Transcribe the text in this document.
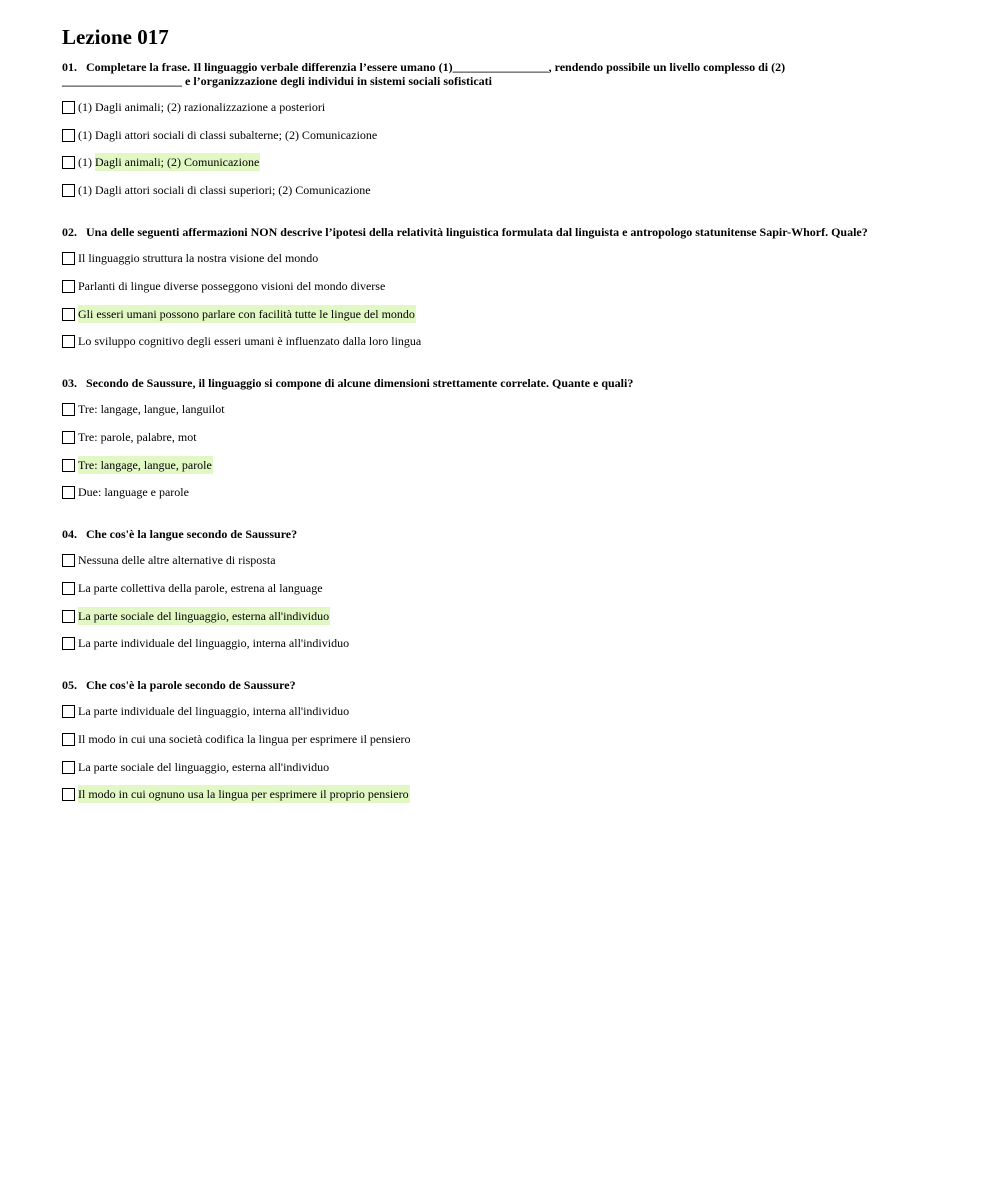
Lezione 017

01. Completare la frase. Il linguaggio verbale differenzia l’essere umano (1)________________, rendendo possibile un livello complesso di (2)
____________________ e l’organizzazione degli individui in sistemi sociali sofisticati

(1) Dagli animali; (2) razionalizzazione a posteriori
(1) Dagli attori sociali di classi subalterne; (2) Comunicazione
(1) Dagli animali; (2) Comunicazione
(1) Dagli attori sociali di classi superiori; (2) Comunicazione

02. Una delle seguenti affermazioni NON descrive l’ipotesi della relatività linguistica formulata dal linguista e antropologo statunitense Sapir-Whorf. Quale?

Il linguaggio struttura la nostra visione del mondo
Parlanti di lingue diverse posseggono visioni del mondo diverse
Gli esseri umani possono parlare con facilità tutte le lingue del mondo
Lo sviluppo cognitivo degli esseri umani è influenzato dalla loro lingua

03. Secondo de Saussure, il linguaggio si compone di alcune dimensioni strettamente correlate. Quante e quali?

Tre: langage, langue, languilot
Tre: parole, palabre, mot
Tre: langage, langue, parole
Due: language e parole

04. Che cos'è la langue secondo de Saussure?

Nessuna delle altre alternative di risposta
La parte collettiva della parole, estrena al language
La parte sociale del linguaggio, esterna all'individuo
La parte individuale del linguaggio, interna all'individuo

05. Che cos'è la parole secondo de Saussure?

La parte individuale del linguaggio, interna all'individuo
Il modo in cui una società codifica la lingua per esprimere il pensiero
La parte sociale del linguaggio, esterna all'individuo
Il modo in cui ognuno usa la lingua per esprimere il proprio pensiero
